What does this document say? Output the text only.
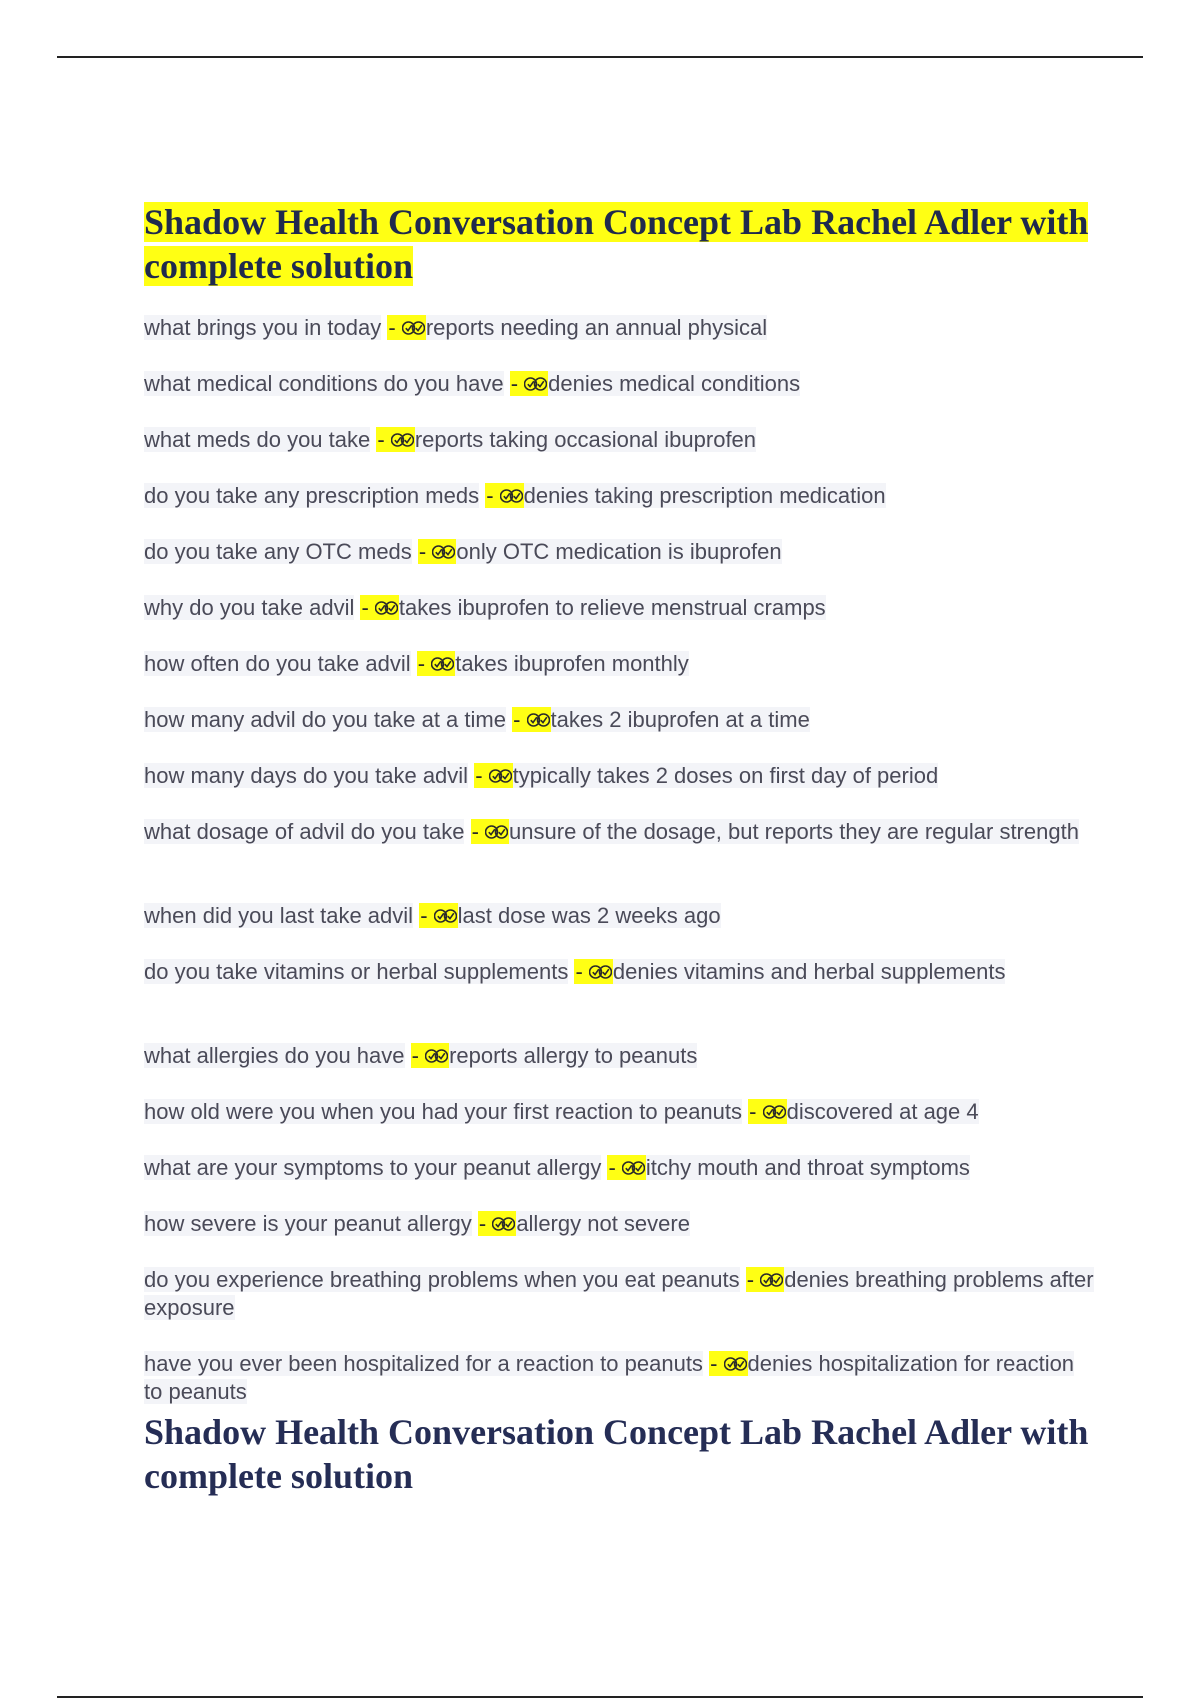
Shadow Health Conversation Concept Lab Rachel Adler with complete solution
what brings you in today - reports needing an annual physical
what medical conditions do you have - denies medical conditions
what meds do you take - reports taking occasional ibuprofen
do you take any prescription meds - denies taking prescription medication
do you take any OTC meds - only OTC medication is ibuprofen
why do you take advil - takes ibuprofen to relieve menstrual cramps
how often do you take advil - takes ibuprofen monthly
how many advil do you take at a time - takes 2 ibuprofen at a time
how many days do you take advil - typically takes 2 doses on first day of period
what dosage of advil do you take - unsure of the dosage, but reports they are regular strength
when did you last take advil - last dose was 2 weeks ago
do you take vitamins or herbal supplements - denies vitamins and herbal supplements
what allergies do you have - reports allergy to peanuts
how old were you when you had your first reaction to peanuts - discovered at age 4
what are your symptoms to your peanut allergy - itchy mouth and throat symptoms
how severe is your peanut allergy - allergy not severe
do you experience breathing problems when you eat peanuts - denies breathing problems after exposure
have you ever been hospitalized for a reaction to peanuts - denies hospitalization for reaction to peanuts
Shadow Health Conversation Concept Lab Rachel Adler with complete solution
